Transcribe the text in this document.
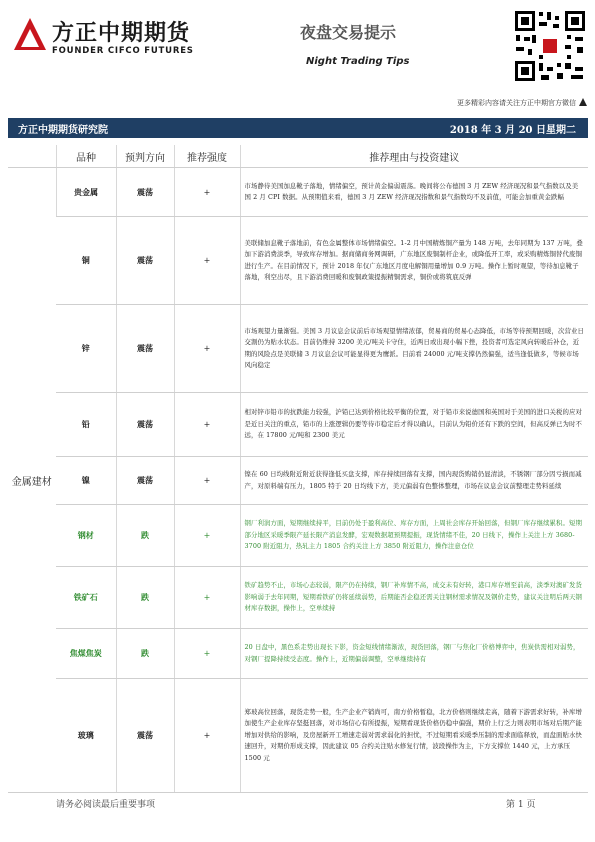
方正中期期货
FOUNDER CIFCO FUTURES
夜盘交易提示
Night Trading Tips
更多精彩内容请关注方正中期官方微信
方正中期期货研究院	2018 年 3 月 20 日星期二
	品种	预判方向	推荐强度	推荐理由与投资建议
金属建材	贵金属	震荡	+	市场静待美国加息靴子落地，情绪偏空，预计黄金偏弱震荡。晚间将公布德国 3 月 ZEW 经济现况和景气指数以及美国 2 月 CPI 数据。从预期值来看，德国 3 月 ZEW 经济现况指数和景气指数均不及前值，可能会加重黄金跌幅
	铜	震荡	+	美联储加息靴子落地前，有色金属整体市场情绪偏空。1-2 月中国精炼铜产量为 148 万吨，去年同期为 137 万吨，叠加下游消费淡季，导致库存增加。据商储商务网调研，广东地区废铜制杆企业，或降低开工率，或采购精炼铜替代废铜进行生产。在目前情况下，预计 2018 年仅广东地区月度电解铜用量增加 0.9 万吨。操作上暂时观望，等待加息靴子落地，利空出尽，且下游消费回暖和废铜政策提振精铜需求，铜价或将筑底反弹
	锌	震荡	+	市场观望力量渐强。美国 3 月议息会议前后市场观望情绪浓郁，贸易商的贸易心态降低，市场等待预期回暖，次营业日交割仍为贴水状态。目前仍维持 3200 美元/吨关卡守住，近两日或出现小幅下挫，投资者可选定风向转暖后补仓，近期的风险点是美联储 3 月议息会议可能显得更为鹰派。目前看 24000 元/吨支撑仍然偏强，适当逢低做多，等候市场风向稳定
	铅	震荡	+	相对锌市铅市的抗跌能力较强，沪铅已达到价格比较平衡的位置，对于铅市来说德国和英国对于美国的进口关税的应对是近日关注的重点，铅市的上涨逻辑仍要等待市稳定后才得以确认，目前认为铅价还有下跌的空间，但高反弹已为时不远，在 17800 元/吨和 2300 美元
	镍	震荡	+	镍在 60 日均线附近附近获得逢低买盘支撑，库存持续回落有支撑，国内现货购销仍显清淡，不锈钢厂部分因亏损而减产，对原料端有压力，1805 特于 20 日均线下方，美元偏弱有色整体整理，市场在议息会议前整理走势料延续
	钢材	跌	+	钢厂利润方面，短期继续持平，目前仍处于盈利高位、库存方面，上周社会库存开始回落，但钢厂库存继续累积。短期部分地区采暖季限产延长限产消息发酵，宏观数据超预期提振，现货情绪不佳，20 日线下，操作上关注上方 3680-3700 附近阻力，热轧主力 1805 合约关注上方 3850 附近阻力，操作注意仓位
	铁矿石	跌	+	铁矿趋势不止，市场心态较弱，限产仍在持续，钢厂补库情不高，成交未有好转，港口库存增至前高，淡季对澳矿发货影响弱于去年同期，短期看铁矿仍将延续弱势，后期能否企稳还需关注钢材需求情况及钢价走势，建议关注明后两天钢材库存数据，操作上，空单续持
	焦煤焦炭	跌	+	20 日盘中，黑色系走势出现长下影，资金短线情绪渐浓，现货回落，钢厂与焦化厂价格博弈中，焦炭供需相对弱势，对钢厂提降持续受态度。操作上，近期偏弱调整，空单继续持有
	玻璃	震荡	+	郑玻高位回落，现货走势一般，生产企业产销尚可，南方价格暂稳，北方价格则继续走高，随着下游需求好转，补库增加使生产企业库存坚挺回落，对市场信心有所提振，短期看现货价格仍稳中偏强，期价上行乏力则表明市场对后期产能增加对供给的影响，及房屋新开工增速走弱对需求弱化的担忧，不过短期看采暖季压制的需求面临释放，而盘面贴水快速回升，对期价形成支撑，因此建议 05 合约关注贴水修复行情，波段操作为主，下方支撑位 1440 元，上方承压 1500 元
请务必阅读最后重要事项	第 1 页
